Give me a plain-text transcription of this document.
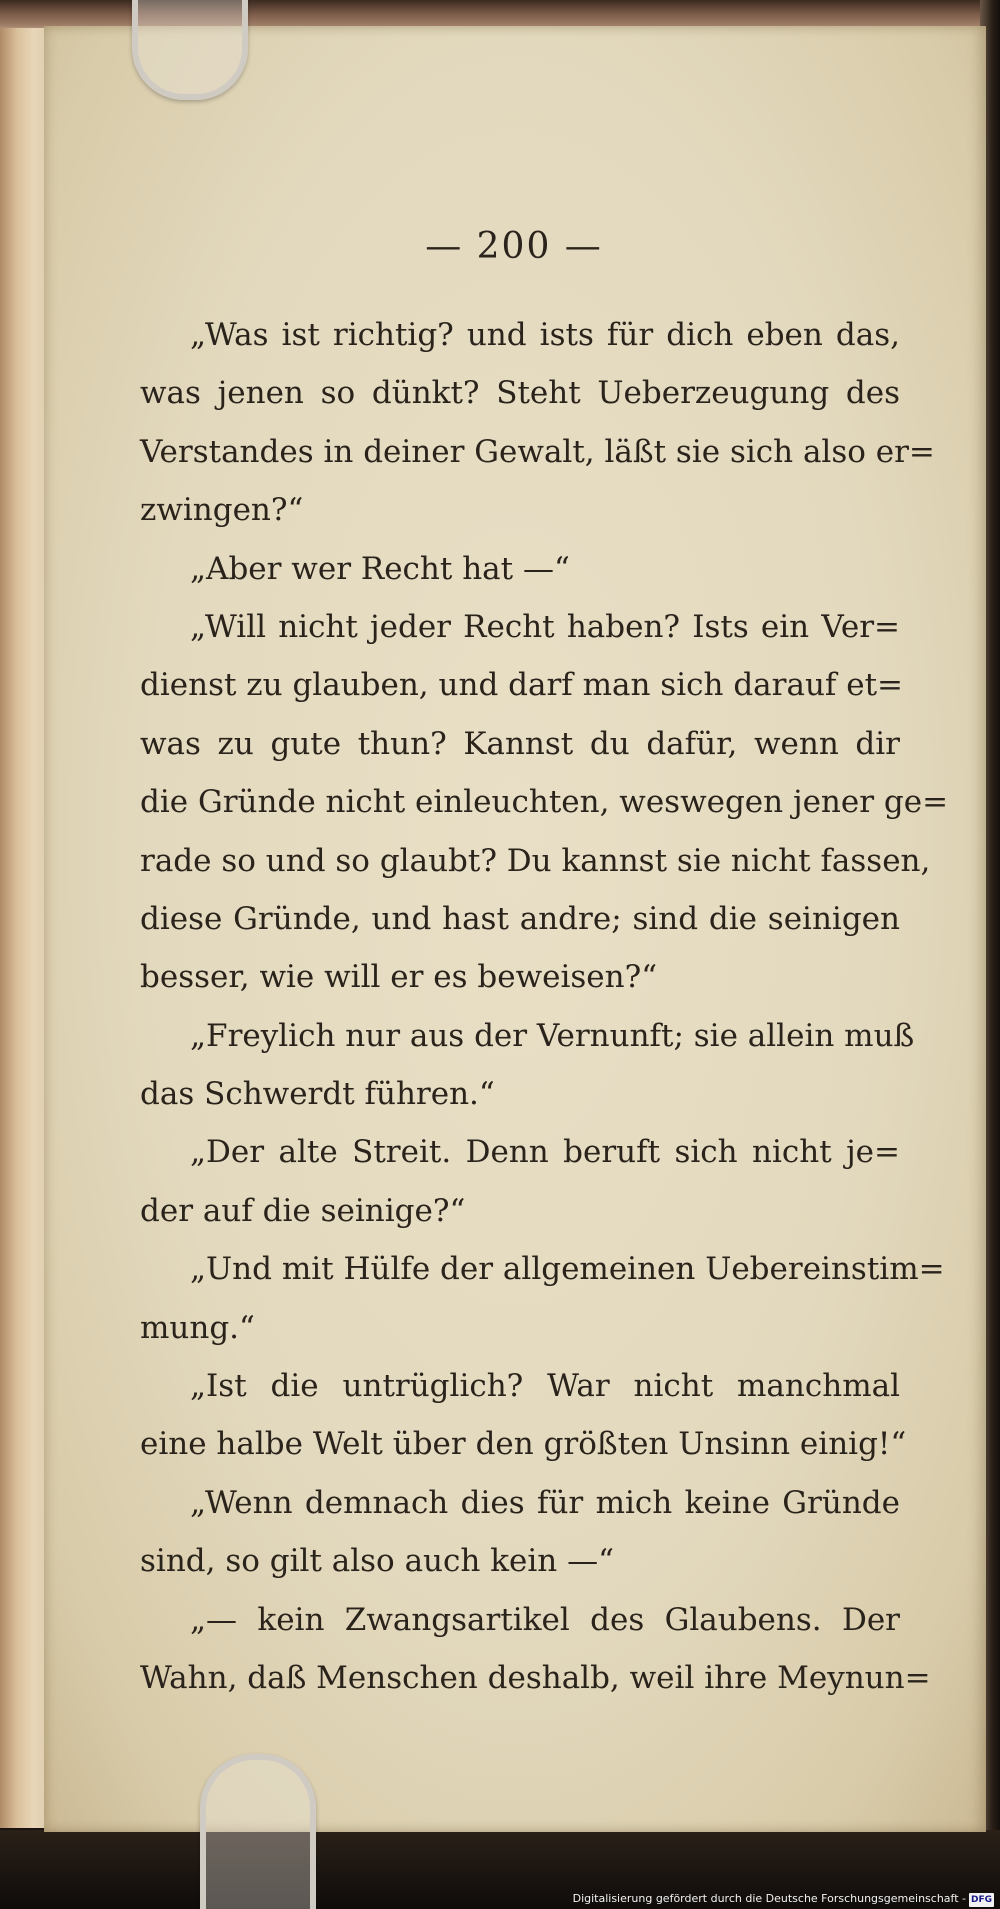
— 200 —
„Was ist richtig? und ists für dich eben das,
was jenen so dünkt? Steht Ueberzeugung des
Verstandes in deiner Gewalt, läßt sie sich also er=
zwingen?“
„Aber wer Recht hat —“
„Will nicht jeder Recht haben? Ists ein Ver=
dienst zu glauben, und darf man sich darauf et=
was zu gute thun? Kannst du dafür, wenn dir
die Gründe nicht einleuchten, weswegen jener ge=
rade so und so glaubt? Du kannst sie nicht fassen,
diese Gründe, und hast andre; sind die seinigen
besser, wie will er es beweisen?“
„Freylich nur aus der Vernunft; sie allein muß
das Schwerdt führen.“
„Der alte Streit. Denn beruft sich nicht je=
der auf die seinige?“
„Und mit Hülfe der allgemeinen Uebereinstim=
mung.“
„Ist die untrüglich? War nicht manchmal
eine halbe Welt über den größten Unsinn einig!“
„Wenn demnach dies für mich keine Gründe
sind, so gilt also auch kein —“
„— kein Zwangsartikel des Glaubens. Der
Wahn, daß Menschen deshalb, weil ihre Meynun=
Digitalisierung gefördert durch die Deutsche Forschungsgemeinschaft - DFG
